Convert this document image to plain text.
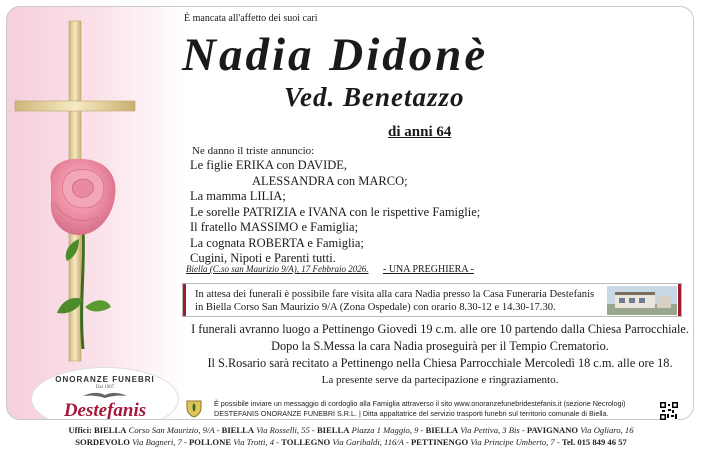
ONORANZE FUNEBRI
Dal 1967
Destefanis
È mancata all'affetto dei suoi cari
Nadia Didonè
Ved. Benetazzo
di anni 64
Ne danno il triste annuncio:
Le figlie ERIKA con DAVIDE,
ALESSANDRA con MARCO;
La mamma LILIA;
Le sorelle PATRIZIA e IVANA con le rispettive Famiglie;
Il fratello MASSIMO e Famiglia;
La cognata ROBERTA e Famiglia;
Cugini, Nipoti e Parenti tutti.
Biella (C.so san Maurizio 9/A), 17 Febbraio 2026. - UNA PREGHIERA -
In attesa dei funerali è possibile fare visita alla cara Nadia presso la Casa Funeraria Destefanis
in Biella Corso San Maurizio 9/A (Zona Ospedale) con orario 8.30-12 e 14.30-17.30.
I funerali avranno luogo a Pettinengo Giovedì 19 c.m. alle ore 10 partendo dalla Chiesa Parrocchiale.
Dopo la S.Messa la cara Nadia proseguirà per il Tempio Crematorio.
Il S.Rosario sarà recitato a Pettinengo nella Chiesa Parrocchiale Mercoledì 18 c.m. alle ore 18.
La presente serve da partecipazione e ringraziamento.
È possibile inviare un messaggio di cordoglio alla Famiglia attraverso il sito www.onoranzefunebridestefanis.it (sezione Necrologi)
DESTEFANIS ONORANZE FUNEBRI S.R.L. | Ditta appaltatrice del servizio trasporti funebri sul territorio comunale di Biella.
Uffici: BIELLA Corso San Maurizio, 9/A - BIELLA Via Rosselli, 55 - BIELLA Piazza 1 Maggio, 9 - BIELLA Via Pettiva, 3 Bis - PAVIGNANO Via Ogliaro, 16
SORDEVOLO Via Bagneri, 7 - POLLONE Via Trotti, 4 - TOLLEGNO Via Garibaldi, 116/A - PETTINENGO Via Principe Umberto, 7 - Tel. 015 849 46 57
